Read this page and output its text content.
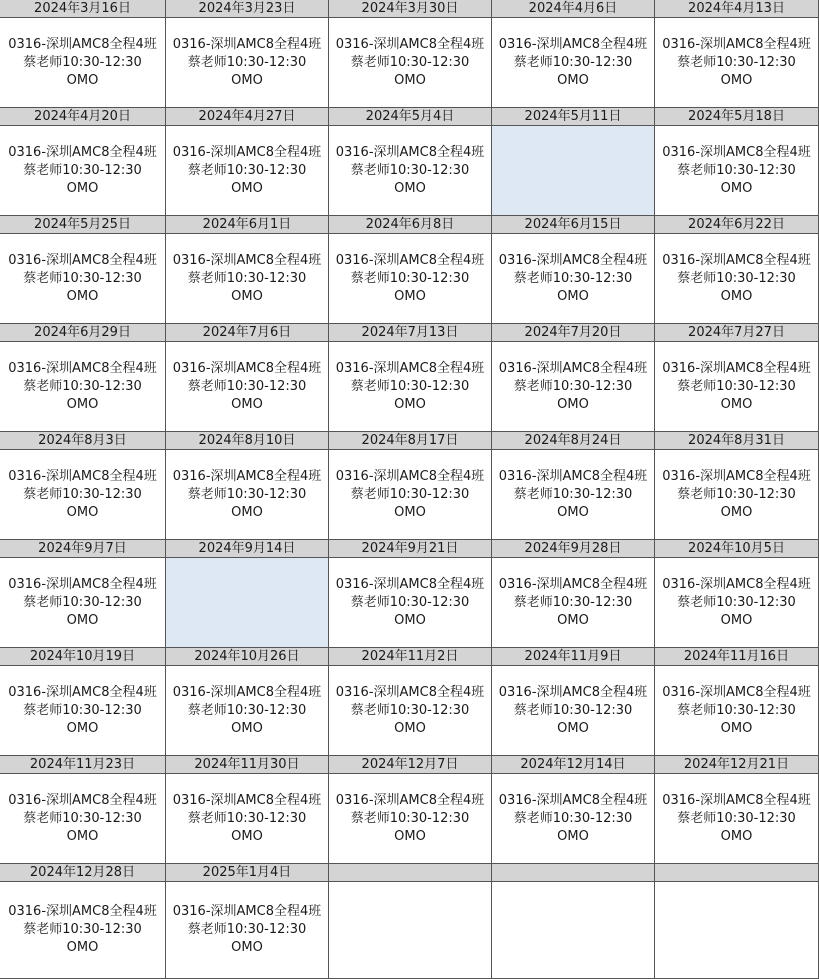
2024年3月16日
0316-深圳AMC8全程4班
蔡老师10:30-12:30
OMO
2024年3月23日
0316-深圳AMC8全程4班
蔡老师10:30-12:30
OMO
2024年3月30日
0316-深圳AMC8全程4班
蔡老师10:30-12:30
OMO
2024年4月6日
0316-深圳AMC8全程4班
蔡老师10:30-12:30
OMO
2024年4月13日
0316-深圳AMC8全程4班
蔡老师10:30-12:30
OMO
2024年4月20日
0316-深圳AMC8全程4班
蔡老师10:30-12:30
OMO
2024年4月27日
0316-深圳AMC8全程4班
蔡老师10:30-12:30
OMO
2024年5月4日
0316-深圳AMC8全程4班
蔡老师10:30-12:30
OMO
2024年5月11日	2024年5月18日
0316-深圳AMC8全程4班
蔡老师10:30-12:30
OMO
2024年5月25日
0316-深圳AMC8全程4班
蔡老师10:30-12:30
OMO
2024年6月1日
0316-深圳AMC8全程4班
蔡老师10:30-12:30
OMO
2024年6月8日
0316-深圳AMC8全程4班
蔡老师10:30-12:30
OMO
2024年6月15日
0316-深圳AMC8全程4班
蔡老师10:30-12:30
OMO
2024年6月22日
0316-深圳AMC8全程4班
蔡老师10:30-12:30
OMO
2024年6月29日
0316-深圳AMC8全程4班
蔡老师10:30-12:30
OMO
2024年7月6日
0316-深圳AMC8全程4班
蔡老师10:30-12:30
OMO
2024年7月13日
0316-深圳AMC8全程4班
蔡老师10:30-12:30
OMO
2024年7月20日
0316-深圳AMC8全程4班
蔡老师10:30-12:30
OMO
2024年7月27日
0316-深圳AMC8全程4班
蔡老师10:30-12:30
OMO
2024年8月3日
0316-深圳AMC8全程4班
蔡老师10:30-12:30
OMO
2024年8月10日
0316-深圳AMC8全程4班
蔡老师10:30-12:30
OMO
2024年8月17日
0316-深圳AMC8全程4班
蔡老师10:30-12:30
OMO
2024年8月24日
0316-深圳AMC8全程4班
蔡老师10:30-12:30
OMO
2024年8月31日
0316-深圳AMC8全程4班
蔡老师10:30-12:30
OMO
2024年9月7日
0316-深圳AMC8全程4班
蔡老师10:30-12:30
OMO
2024年9月14日	2024年9月21日
0316-深圳AMC8全程4班
蔡老师10:30-12:30
OMO
2024年9月28日
0316-深圳AMC8全程4班
蔡老师10:30-12:30
OMO
2024年10月5日
0316-深圳AMC8全程4班
蔡老师10:30-12:30
OMO
2024年10月19日
0316-深圳AMC8全程4班
蔡老师10:30-12:30
OMO
2024年10月26日
0316-深圳AMC8全程4班
蔡老师10:30-12:30
OMO
2024年11月2日
0316-深圳AMC8全程4班
蔡老师10:30-12:30
OMO
2024年11月9日
0316-深圳AMC8全程4班
蔡老师10:30-12:30
OMO
2024年11月16日
0316-深圳AMC8全程4班
蔡老师10:30-12:30
OMO
2024年11月23日
0316-深圳AMC8全程4班
蔡老师10:30-12:30
OMO
2024年11月30日
0316-深圳AMC8全程4班
蔡老师10:30-12:30
OMO
2024年12月7日
0316-深圳AMC8全程4班
蔡老师10:30-12:30
OMO
2024年12月14日
0316-深圳AMC8全程4班
蔡老师10:30-12:30
OMO
2024年12月21日
0316-深圳AMC8全程4班
蔡老师10:30-12:30
OMO
2024年12月28日
0316-深圳AMC8全程4班
蔡老师10:30-12:30
OMO
2025年1月4日
0316-深圳AMC8全程4班
蔡老师10:30-12:30
OMO
